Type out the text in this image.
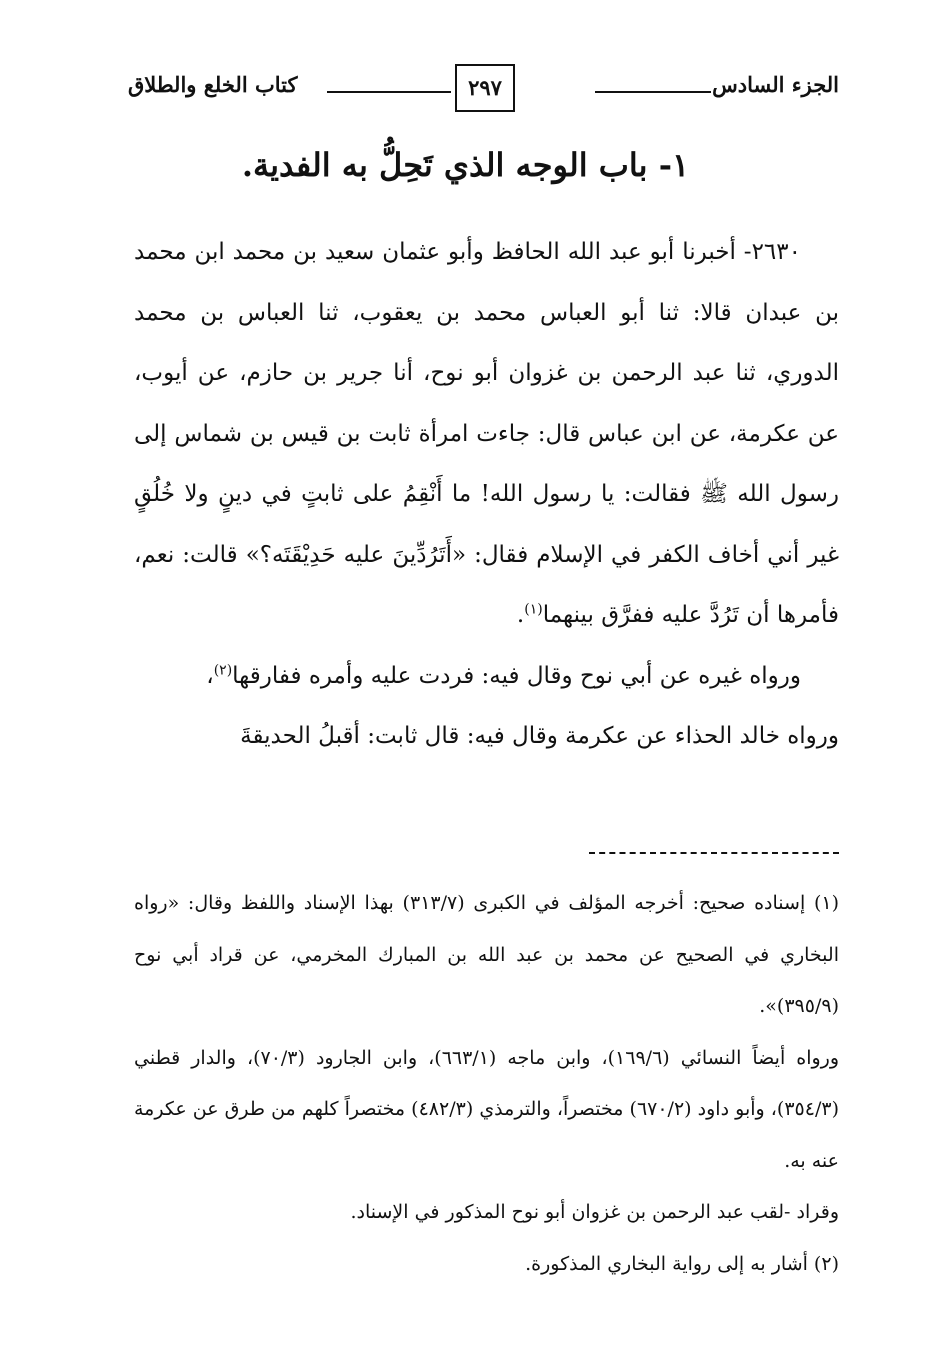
الجزء السادس
٢٩٧
كتاب الخلع والطلاق
١- باب الوجه الذي تَحِلُّ به الفدية.

٢٦٣٠- أخبرنا أبو عبد الله الحافظ وأبو عثمان سعيد بن محمد ابن محمد بن عبدان قالا: ثنا أبو العباس محمد بن يعقوب، ثنا العباس بن محمد الدوري، ثنا عبد الرحمن بن غزوان أبو نوح، أنا جرير بن حازم، عن أيوب، عن عكرمة، عن ابن عباس قال: جاءت امرأة ثابت بن قيس بن شماس إلى رسول الله ﷺ فقالت: يا رسول الله! ما أَنْقِمُ على ثابتٍ في دينٍ ولا خُلُقٍ غير أني أخاف الكفر في الإسلام فقال: «أَتَرُدِّينَ عليه حَدِيْقَتَه؟» قالت: نعم، فأمرها أن تَرُدَّ عليه ففرَّق بينهما$^{(١)}$.

ورواه غيره عن أبي نوح وقال فيه: فردت عليه وأمره ففارقها$^{(٢)}$،

ورواه خالد الحذاء عن عكرمة وقال فيه: قال ثابت: أقبلُ الحديقةَ

(١) إسناده صحيح: أخرجه المؤلف في الكبرى (٣١٣/٧) بهذا الإسناد واللفظ وقال: «رواه البخاري في الصحيح عن محمد بن عبد الله بن المبارك المخرمي، عن قراد أبي نوح (٣٩٥/٩)».

ورواه أيضاً النسائي (١٦٩/٦)، وابن ماجه (٦٦٣/١)، وابن الجارود (٧٠/٣)، والدار قطني (٣٥٤/٣)، وأبو داود (٦٧٠/٢) مختصراً، والترمذي (٤٨٢/٣) مختصراً كلهم من طرق عن عكرمة عنه به.

وقراد -لقب عبد الرحمن بن غزوان أبو نوح المذكور في الإسناد.

(٢) أشار به إلى رواية البخاري المذكورة.
